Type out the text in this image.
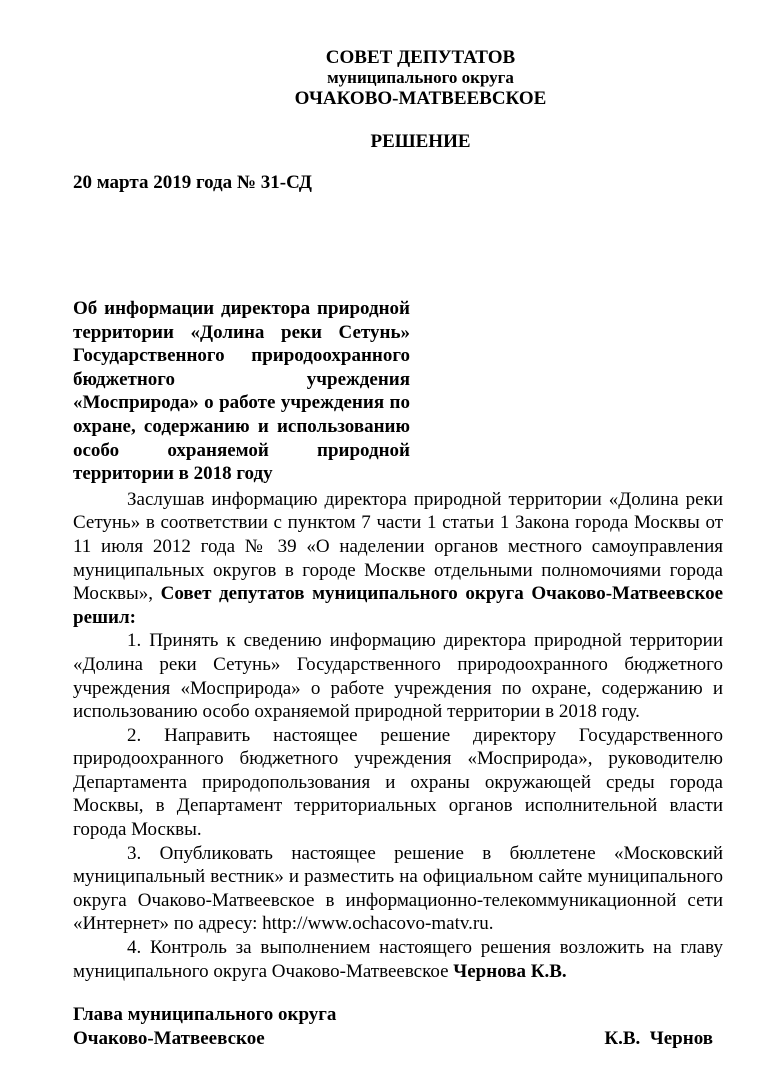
СОВЕТ ДЕПУТАТОВ
муниципального округа
ОЧАКОВО-МАТВЕЕВСКОЕ
РЕШЕНИЕ
20 марта 2019 года № 31-СД
Об информации директора природной территории «Долина реки Сетунь» Государственного природоохранного бюджетного учреждения «Мосприрода» о работе учреждения по охране, содержанию и использованию особо охраняемой природной территории в 2018 году

Заслушав информацию директора природной территории «Долина реки Сетунь» в соответствии с пунктом 7 части 1 статьи 1 Закона города Москвы от 11 июля 2012 года № 39 «О наделении органов местного самоуправления муниципальных округов в городе Москве отдельными полномочиями города Москвы», Совет депутатов муниципального округа Очаково-Матвеевское решил:

1. Принять к сведению информацию директора природной территории «Долина реки Сетунь» Государственного природоохранного бюджетного учреждения «Мосприрода» о работе учреждения по охране, содержанию и использованию особо охраняемой природной территории в 2018 году.

2. Направить настоящее решение директору Государственного природоохранного бюджетного учреждения «Мосприрода», руководителю Департамента природопользования и охраны окружающей среды города Москвы, в Департамент территориальных органов исполнительной власти города Москвы.

3. Опубликовать настоящее решение в бюллетене «Московский муниципальный вестник» и разместить на официальном сайте муниципального округа Очаково-Матвеевское в информационно-телекоммуникационной сети «Интернет» по адресу: http://www.ochacovo-matv.ru.

4. Контроль за выполнением настоящего решения возложить на главу муниципального округа Очаково-Матвеевское Чернова К.В.

Глава муниципального округа
Очаково-Матвеевское	К.В.  Чернов
